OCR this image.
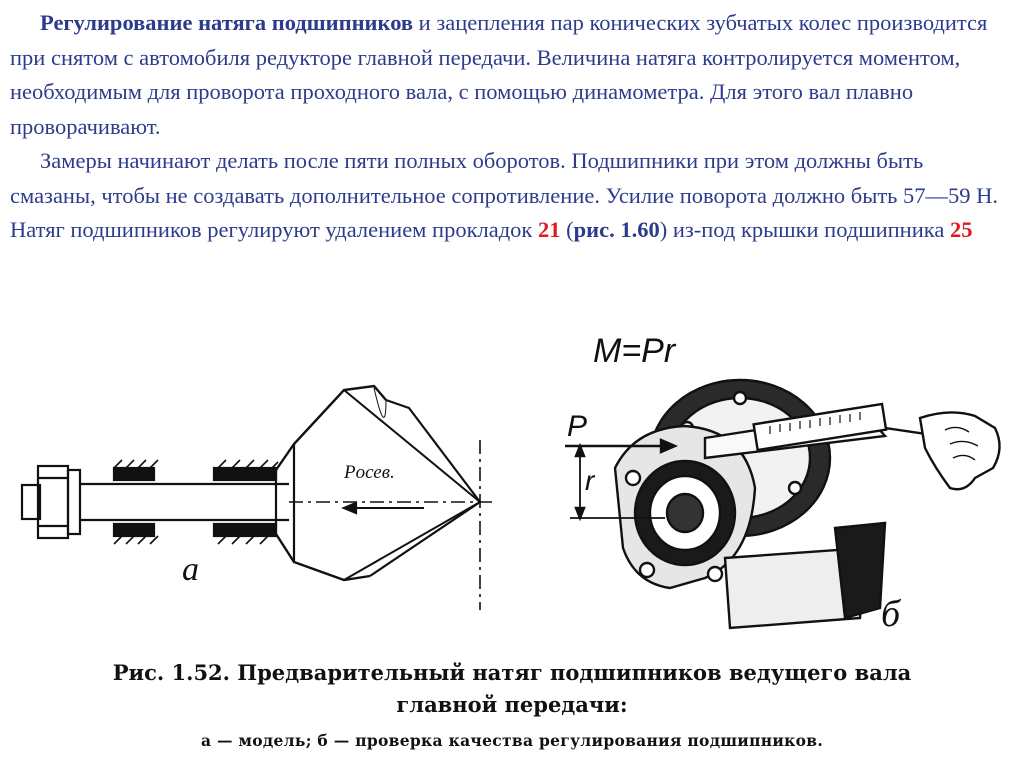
Регулирование натяга подшипников и зацепления пар конических зубчатых колес производится при снятом с автомобиля редукторе главной передачи. Величина натяга контролируется моментом, необходимым для проворота проходного вала, с помощью динамометра. Для этого вал плавно проворачивают.

Замеры начинают делать после пяти полных оборотов. Подшипники при этом должны быть смазаны, чтобы не создавать дополнительное сопротивление. Усилие поворота должно быть 57—59 Н. Натяг подшипников регулируют удалением прокладок 21 (рис. 1.60) из-под крышки подшипника 25

Pосев.
а
M=Pr
P
r
б
Рис. 1.52. Предварительный натяг подшипников ведущего вала
главной передачи:
а — модель; б — проверка качества регулирования подшипников.
